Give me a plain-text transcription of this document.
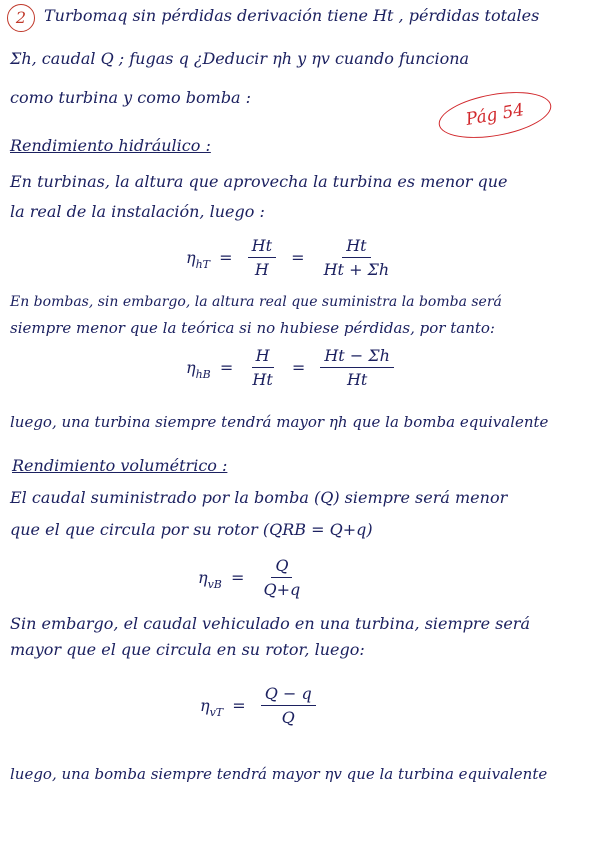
2	Turbomaq sin pérdidas derivación tiene Ht , pérdidas totales
Σh, caudal Q ; fugas q ¿Deducir ηh y ηv cuando funciona
como turbina y como bomba :
Pág 54
Rendimiento hidráulico :
En turbinas, la altura que aprovecha la turbina es menor que
la real de la instalación, luego :
$\eta_{hT} = \frac{Ht}{H} = \frac{Ht}{Ht + \Sigma h}$
En bombas, sin embargo, la altura real que suministra la bomba será
siempre menor que la teórica si no hubiese pérdidas, por tanto:
$\eta_{hB} = \frac{H}{Ht} = \frac{Ht - \Sigma h}{Ht}$
luego, una turbina siempre tendrá mayor ηh que la bomba equivalente
Rendimiento volumétrico :
El caudal suministrado por la bomba (Q) siempre será menor
que el que circula por su rotor (QRB = Q+q)
$\eta_{vB} = \frac{Q}{Q+q}$
Sin embargo, el caudal vehiculado en una turbina, siempre será
mayor que el que circula en su rotor, luego:
$\eta_{vT} = \frac{Q - q}{Q}$
luego, una bomba siempre tendrá mayor ηv que la turbina equivalente
